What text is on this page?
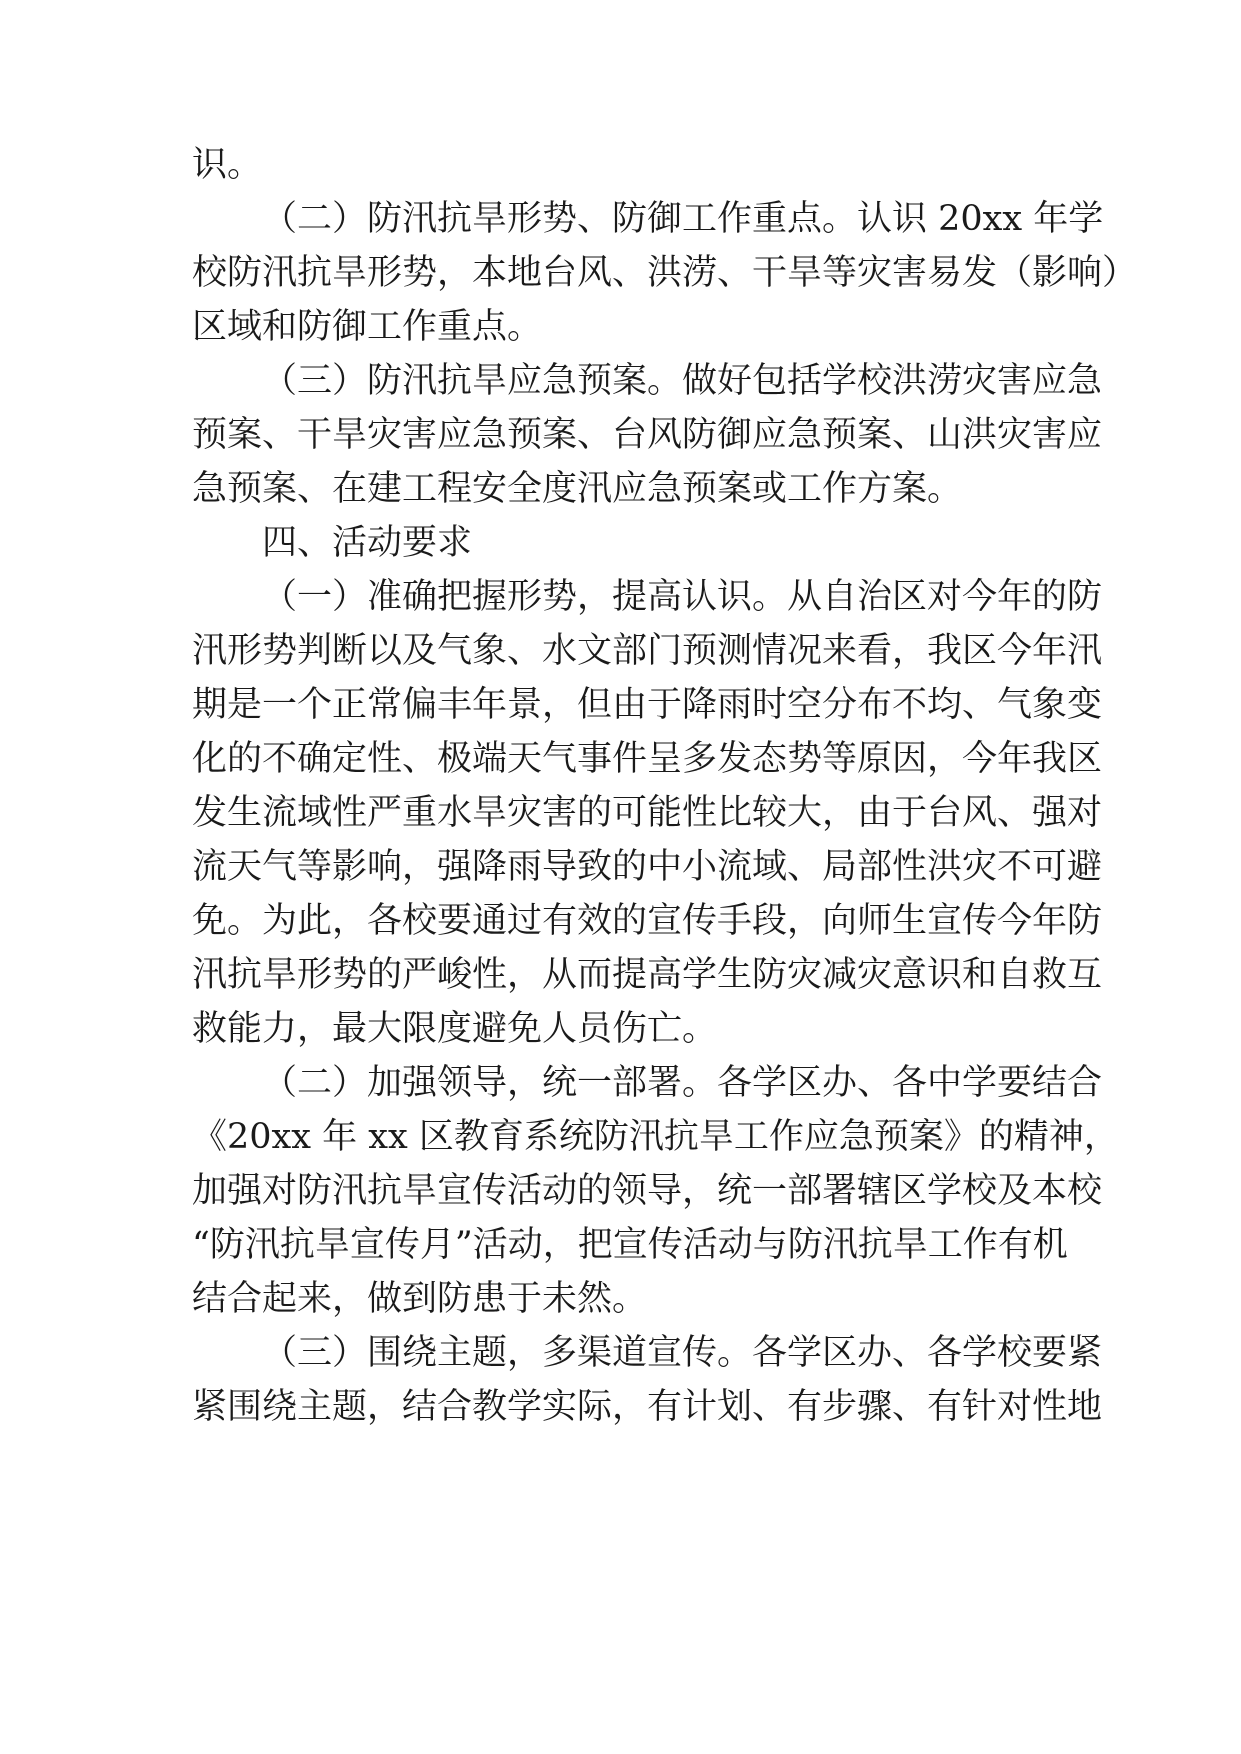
识。
（二）防汛抗旱形势、防御工作重点。认识 20xx 年学
校防汛抗旱形势，本地台风、洪涝、干旱等灾害易发（影响）
区域和防御工作重点。
（三）防汛抗旱应急预案。做好包括学校洪涝灾害应急
预案、干旱灾害应急预案、台风防御应急预案、山洪灾害应
急预案、在建工程安全度汛应急预案或工作方案。
四、活动要求
（一）准确把握形势，提高认识。从自治区对今年的防
汛形势判断以及气象、水文部门预测情况来看，我区今年汛
期是一个正常偏丰年景，但由于降雨时空分布不均、气象变
化的不确定性、极端天气事件呈多发态势等原因，今年我区
发生流域性严重水旱灾害的可能性比较大，由于台风、强对
流天气等影响，强降雨导致的中小流域、局部性洪灾不可避
免。为此，各校要通过有效的宣传手段，向师生宣传今年防
汛抗旱形势的严峻性，从而提高学生防灾减灾意识和自救互
救能力，最大限度避免人员伤亡。
（二）加强领导，统一部署。各学区办、各中学要结合
《20xx 年 xx 区教育系统防汛抗旱工作应急预案》的精神，
加强对防汛抗旱宣传活动的领导，统一部署辖区学校及本校
“防汛抗旱宣传月”活动，把宣传活动与防汛抗旱工作有机
结合起来，做到防患于未然。
（三）围绕主题，多渠道宣传。各学区办、各学校要紧
紧围绕主题，结合教学实际，有计划、有步骤、有针对性地
